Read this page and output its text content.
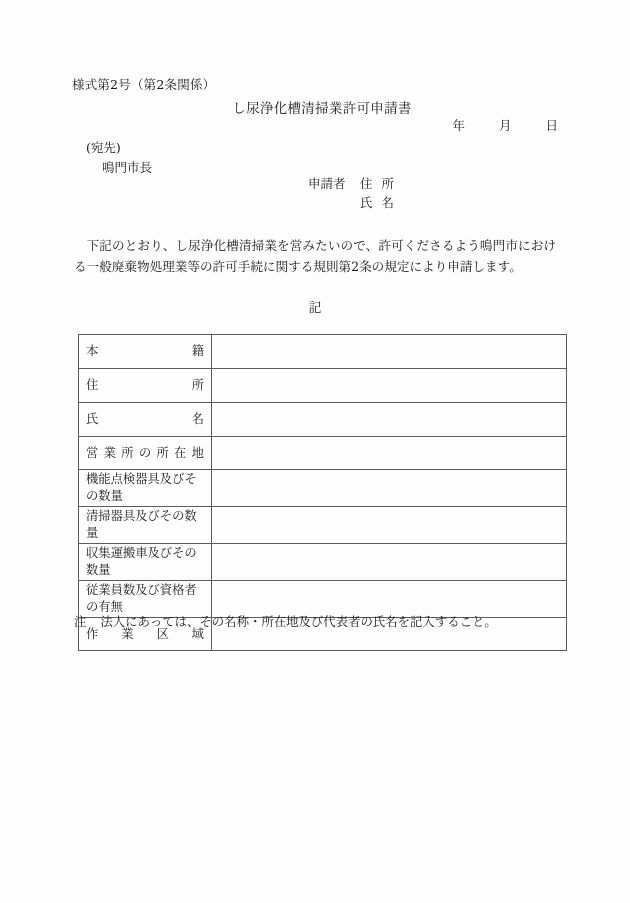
様式第2号（第2条関係）
し尿浄化槽清掃業許可申請書
年	月	日
(宛先)
鳴門市長
申請者 住所
氏名
下記のとおり、し尿浄化槽清掃業を営みたいので、許可くださるよう鳴門市における一般廃棄物処理業等の許可手続に関する規則第2条の規定により申請します。
記
本 籍	

住 所	

氏 名	

営 業 所 の 所 在 地

機能点検器具及びその数量	

清掃器具及びその数量	

収集運搬車及びその数量	

従業員数及び資格者の有無	

作 業 区 域	

注 法人にあっては、その名称・所在地及び代表者の氏名を記入すること。
